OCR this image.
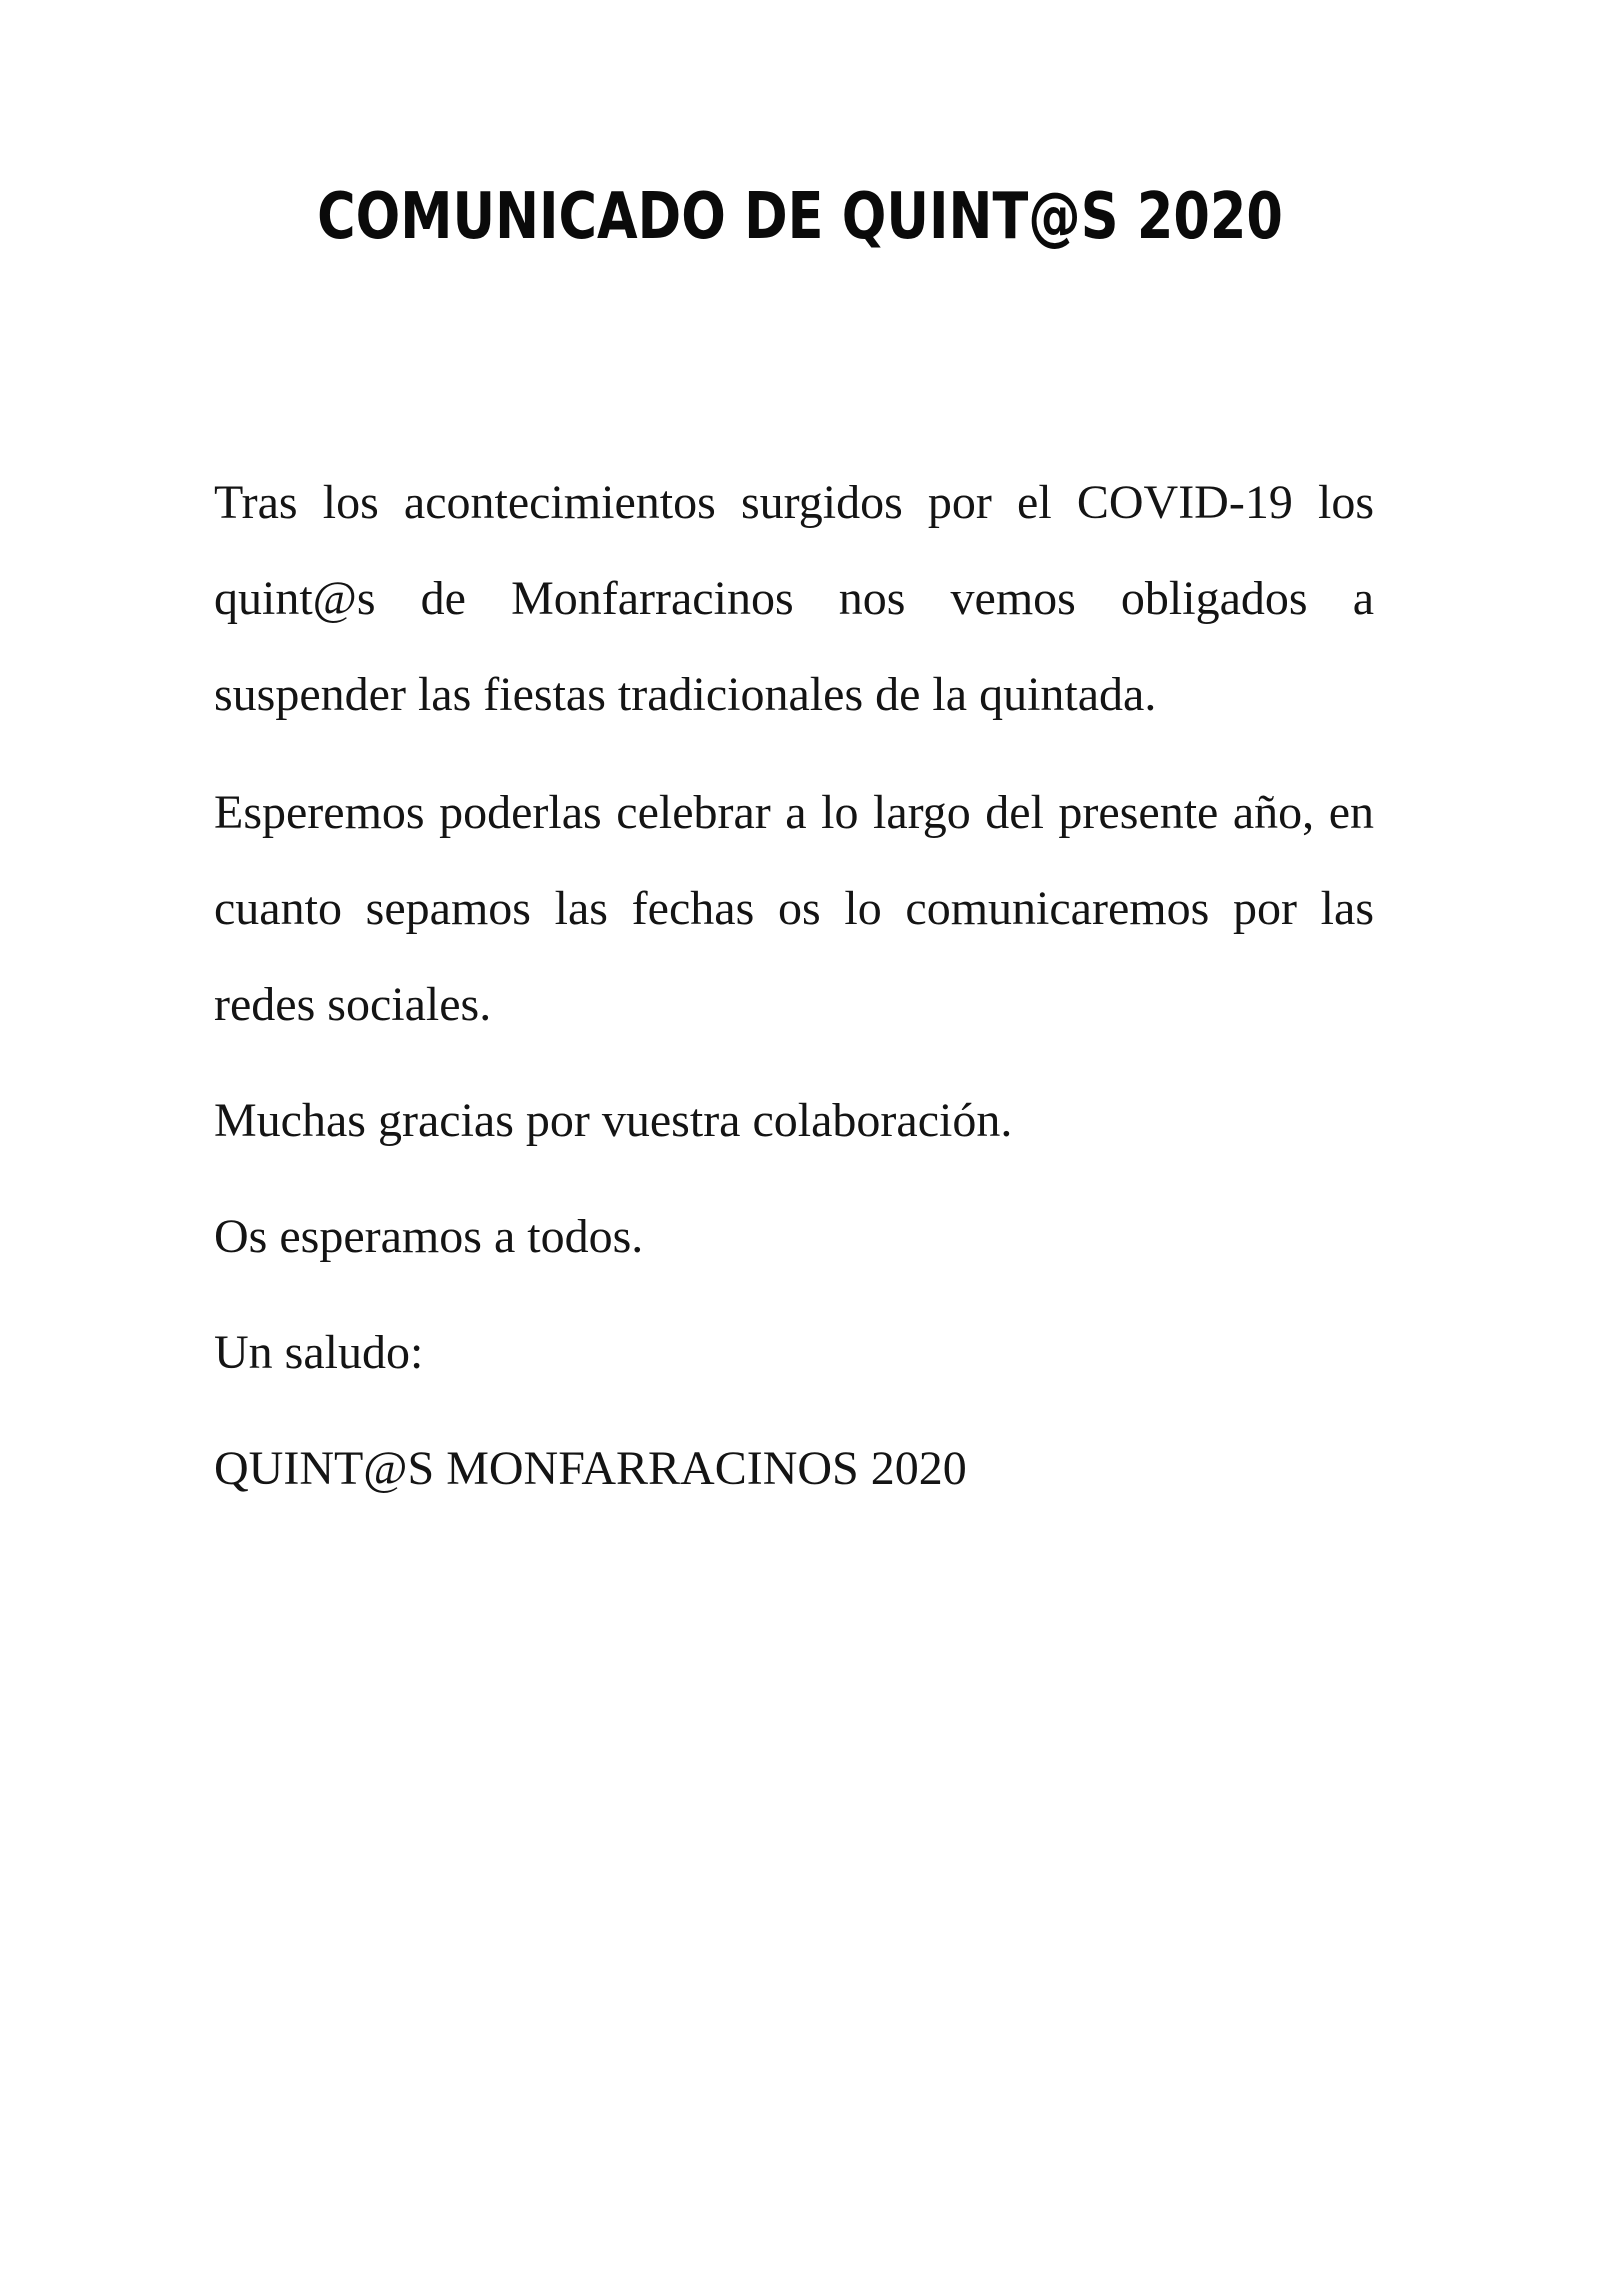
COMUNICADO DE QUINT@S 2020

Tras los acontecimientos surgidos por el COVID-19 los quint@s de Monfarracinos nos vemos obligados a suspender las fiestas tradicionales de la quintada.

Esperemos poderlas celebrar a lo largo del presente año, en cuanto sepamos las fechas os lo comunicaremos por las redes sociales.

Muchas gracias por vuestra colaboración.

Os esperamos a todos.

Un saludo:

QUINT@S MONFARRACINOS 2020
